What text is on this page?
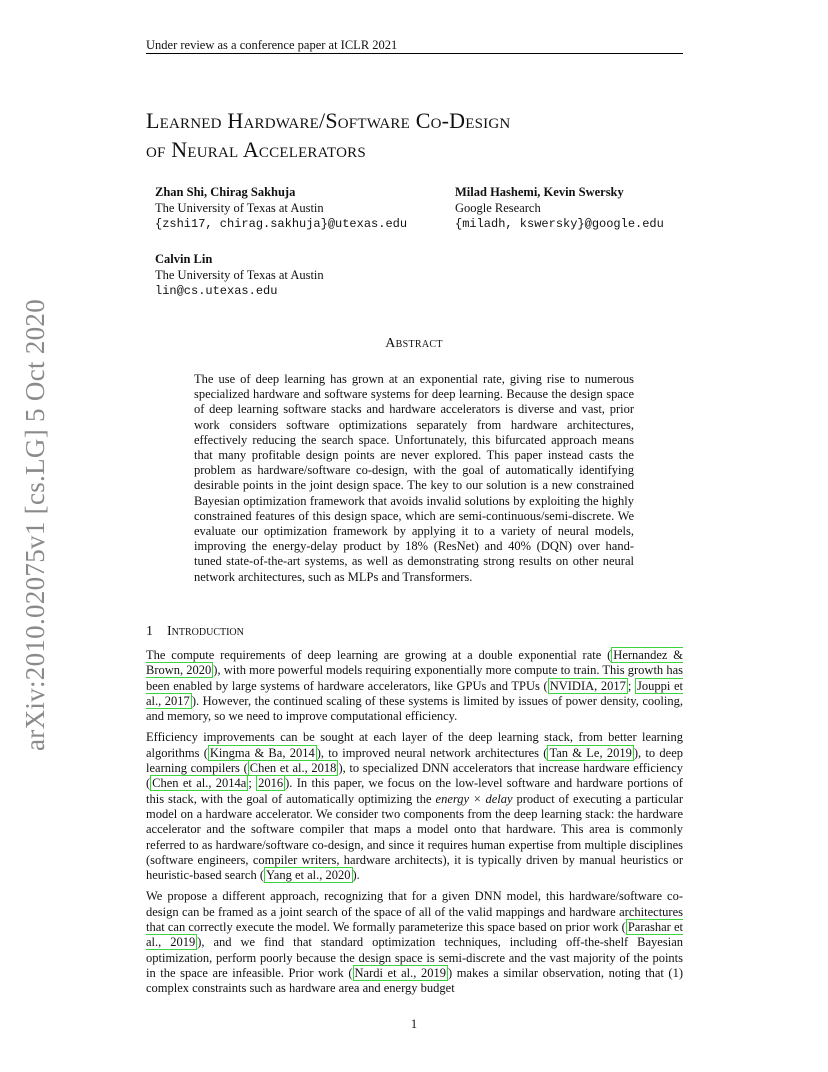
Under review as a conference paper at ICLR 2021
arXiv:2010.02075v1 [cs.LG] 5 Oct 2020
Learned Hardware/Software Co-Design
of Neural Accelerators
Zhan Shi, Chirag Sakhuja
The University of Texas at Austin
{zshi17, chirag.sakhuja}@utexas.edu
Milad Hashemi, Kevin Swersky
Google Research
{miladh, kswersky}@google.edu
Calvin Lin
The University of Texas at Austin
lin@cs.utexas.edu
Abstract
The use of deep learning has grown at an exponential rate, giving rise to numerous specialized hardware and software systems for deep learning. Because the design space of deep learning software stacks and hardware accelerators is diverse and vast, prior work considers software optimizations separately from hardware architectures, effectively reducing the search space. Unfortunately, this bifurcated approach means that many profitable design points are never explored. This paper instead casts the problem as hardware/software co-design, with the goal of automatically identifying desirable points in the joint design space. The key to our solution is a new constrained Bayesian optimization framework that avoids invalid solutions by exploiting the highly constrained features of this design space, which are semi-continuous/semi-discrete. We evaluate our optimization framework by applying it to a variety of neural models, improving the energy-delay product by 18% (ResNet) and 40% (DQN) over hand-tuned state-of-the-art systems, as well as demonstrating strong results on other neural network architectures, such as MLPs and Transformers.
1 Introduction

The compute requirements of deep learning are growing at a double exponential rate ( Hernandez & Brown, 2020 ), with more powerful models requiring exponentially more compute to train. This growth has been enabled by large systems of hardware accelerators, like GPUs and TPUs ( NVIDIA, 2017 ; Jouppi et al., 2017 ). However, the continued scaling of these systems is limited by issues of power density, cooling, and memory, so we need to improve computational efficiency.

Efficiency improvements can be sought at each layer of the deep learning stack, from better learning algorithms ( Kingma & Ba, 2014 ), to improved neural network architectures ( Tan & Le, 2019 ), to deep learning compilers ( Chen et al., 2018 ), to specialized DNN accelerators that increase hardware efficiency ( Chen et al., 2014a ; 2016 ). In this paper, we focus on the low-level software and hardware portions of this stack, with the goal of automatically optimizing the energy × delay product of executing a particular model on a hardware accelerator. We consider two components from the deep learning stack: the hardware accelerator and the software compiler that maps a model onto that hardware. This area is commonly referred to as hardware/software co-design, and since it requires human expertise from multiple disciplines (software engineers, compiler writers, hardware architects), it is typically driven by manual heuristics or heuristic-based search ( Yang et al., 2020 ).

We propose a different approach, recognizing that for a given DNN model, this hardware/software co-design can be framed as a joint search of the space of all of the valid mappings and hardware architectures that can correctly execute the model. We formally parameterize this space based on prior work ( Parashar et al., 2019 ), and we find that standard optimization techniques, including off-the-shelf Bayesian optimization, perform poorly because the design space is semi-discrete and the vast majority of the points in the space are infeasible. Prior work ( Nardi et al., 2019 ) makes a similar observation, noting that (1) complex constraints such as hardware area and energy budget

1
